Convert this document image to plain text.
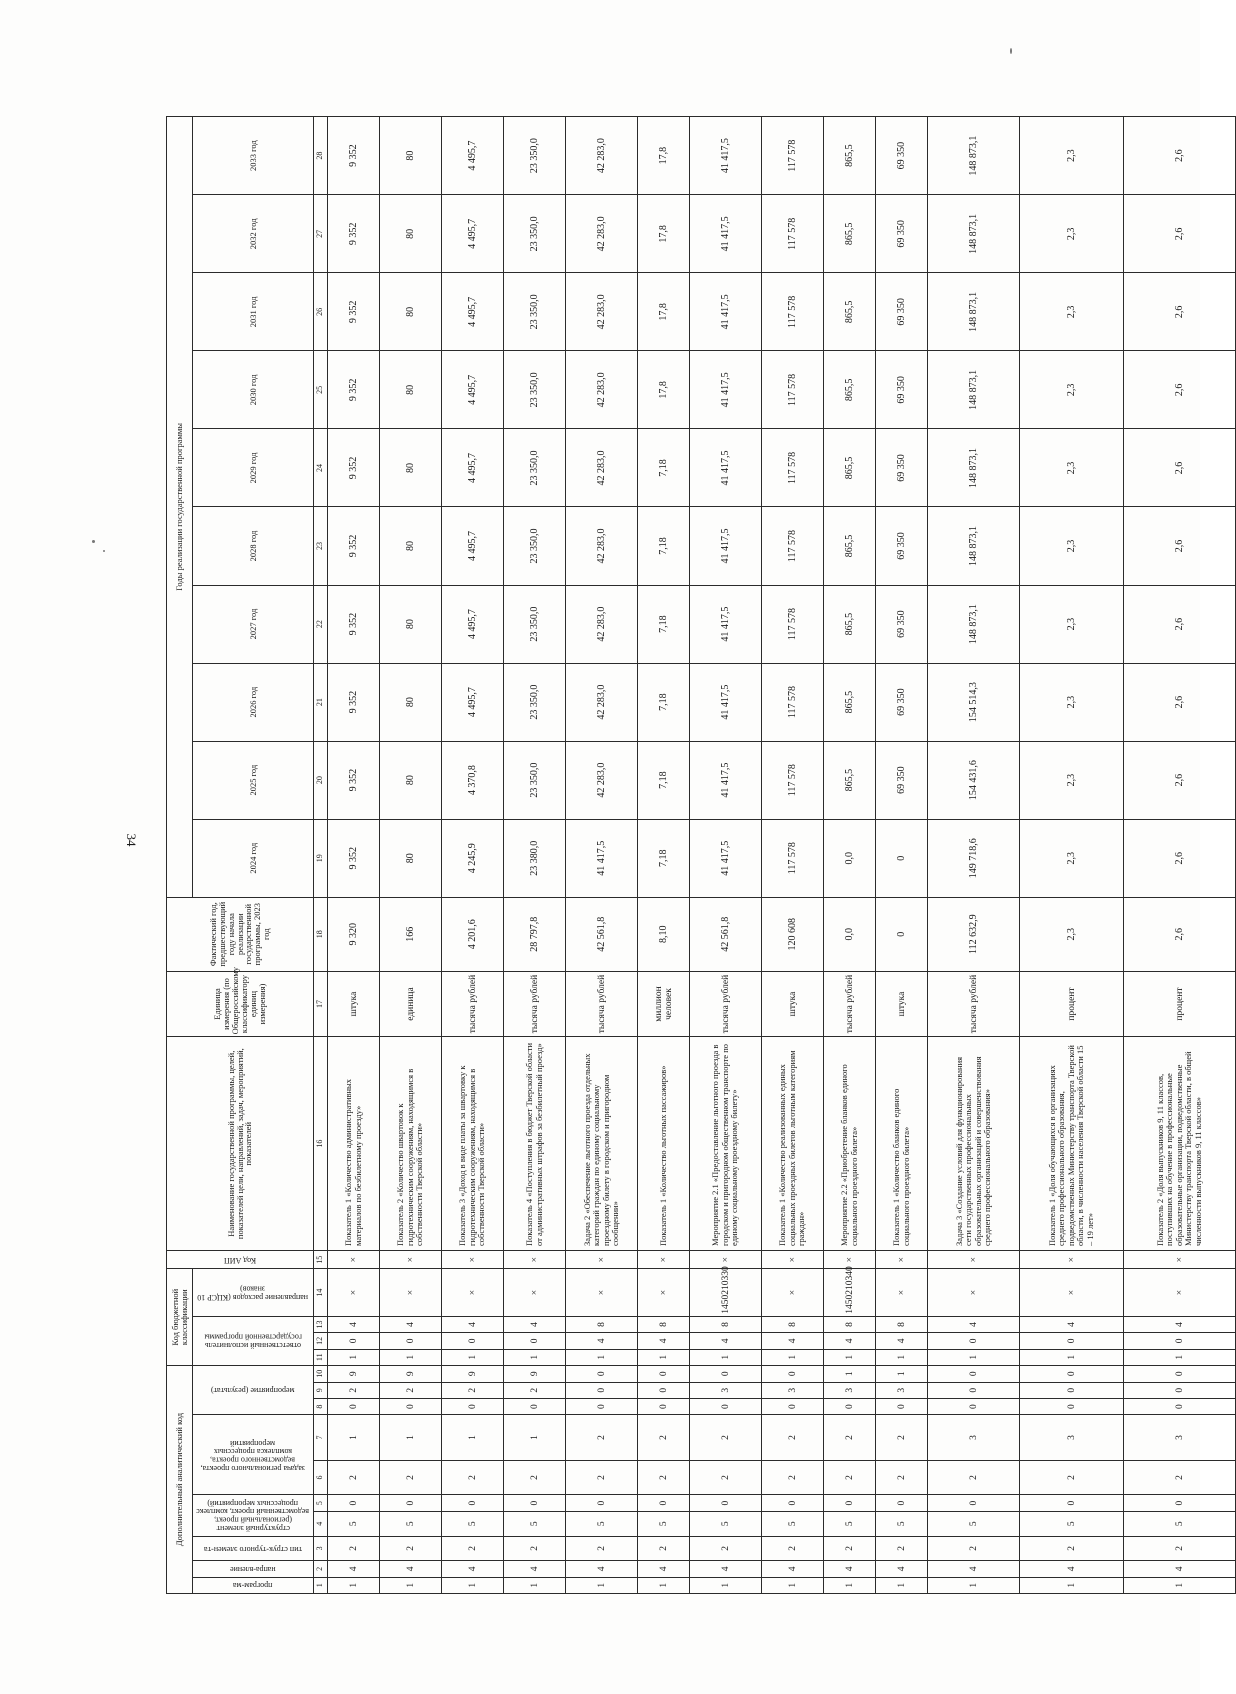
34
Дополнительный аналитический код										Код бюджетной классификации				Код АИП	Наименование государственной программы, целей, показателей цели, направлений, задач, мероприятий, показателей	Единица измерения (по Общероссийскому классификатору единиц измерения)	Фактический год, предшествующий году начала реализации государственной программы, 2023 год	Годы реализации государственной программы									

програм-ма	напра-вление	тип струк-турного элемен-та	структурный элемент (региональный проект, ведомственный проект, комплекс процессных мероприятий)		задача регионального проекта, ведомственного проекта, комплекса процессных мероприятий		мероприятие (результат)			ответственный исполнитель государственной программы			направление расходов (КЦСР 10 знаков)					2024 год	2025 год	2026 год	2027 год	2028 год	2029 год	2030 год	2031 год	2032 год	2033 год
1	2	3	4	5	6	7	8	9	10	11	12	13	14	15	16	17	18	19	20	21	22	23	24	25	26	27	28
1	4	2	5	0	2	1	0	2	9	1	0	4	×	×	Показатель 1 «Количество административных материалов по безбилетному проезду»	штука	9 320	9 352	9 352	9 352	9 352	9 352	9 352	9 352	9 352	9 352	9 352
1	4	2	5	0	2	1	0	2	9	1	0	4	×	×	Показатель 2 «Количество швартовок к гидротехническим сооружениям, находящимся в собственности Тверской области»	единица	166	80	80	80	80	80	80	80	80	80	80
1	4	2	5	0	2	1	0	2	9	1	0	4	×	×	Показатель 3 «Доход в виде платы за швартовку к гидротехническим сооружениям, находящимся в собственности Тверской области»	тысяча рублей	4 201,6	4 245,9	4 370,8	4 495,7	4 495,7	4 495,7	4 495,7	4 495,7	4 495,7	4 495,7	4 495,7
1	4	2	5	0	2	1	0	2	9	1	0	4	×	×	Показатель 4 «Поступления в бюджет Тверской области от административных штрафов за безбилетный проезд»	тысяча рублей	28 797,8	23 380,0	23 350,0	23 350,0	23 350,0	23 350,0	23 350,0	23 350,0	23 350,0	23 350,0	23 350,0
1	4	2	5	0	2	2	0	0	0	1	4	8	×	×	Задача 2 «Обеспечение льготного проезда отдельных категорий граждан по единому социальному проездному билету в городском и пригородном сообщении»	тысяча рублей	42 561,8	41 417,5	42 283,0	42 283,0	42 283,0	42 283,0	42 283,0	42 283,0	42 283,0	42 283,0	42 283,0
1	4	2	5	0	2	2	0	0	0	1	4	8	×	×	Показатель 1 «Количество льготных пассажиров»	миллион человек	8,10	7,18	7,18	7,18	7,18	7,18	7,18	17,8	17,8	17,8	17,8
1	4	2	5	0	2	2	0	3	0	1	4	8	1450210330	×	Мероприятие 2.1 «Предоставление льготного проезда в городском и пригородном общественном транспорте по единому социальному проездному билету»	тысяча рублей	42 561,8	41 417,5	41 417,5	41 417,5	41 417,5	41 417,5	41 417,5	41 417,5	41 417,5	41 417,5	41 417,5
1	4	2	5	0	2	2	0	3	0	1	4	8	×	×	Показатель 1 «Количество реализованных единых социальных проездных билетов льготным категориям граждан»	штука	120 608	117 578	117 578	117 578	117 578	117 578	117 578	117 578	117 578	117 578	117 578
1	4	2	5	0	2	2	0	3	1	1	4	8	1450210340	×	Мероприятие 2.2 «Приобретение бланков единого социального проездного билета»	тысяча рублей	0,0	0,0	865,5	865,5	865,5	865,5	865,5	865,5	865,5	865,5	865,5
1	4	2	5	0	2	2	0	3	1	1	4	8	×	×	Показатель 1 «Количество бланков единого социального проездного билета»	штука	0	0	69 350	69 350	69 350	69 350	69 350	69 350	69 350	69 350	69 350
1	4	2	5	0	2	3	0	0	0	1	0	4	×	×	Задача 3 «Создание условий для функционирования сети государственных профессиональных образовательных организаций и совершенствования среднего профессионального образования»	тысяча рублей	112 632,9	149 718,6	154 431,6	154 514,3	148 873,1	148 873,1	148 873,1	148 873,1	148 873,1	148 873,1	148 873,1
1	4	2	5	0	2	3	0	0	0	1	0	4	×	×	Показатель 1 «Доля обучающихся в организациях среднего профессионального образования, подведомственных Министерству транспорта Тверской области, в численности населения Тверской области 15 – 19 лет»	процент	2,3	2,3	2,3	2,3	2,3	2,3	2,3	2,3	2,3	2,3	2,3
1	4	2	5	0	2	3	0	0	0	1	0	4	×	×	Показатель 2 «Доля выпускников 9, 11 классов, поступивших на обучение в профессиональные образовательные организации, подведомственные Министерству транспорта Тверской области, в общей численности выпускников 9, 11 классов»	процент	2,6	2,6	2,6	2,6	2,6	2,6	2,6	2,6	2,6	2,6	2,6
